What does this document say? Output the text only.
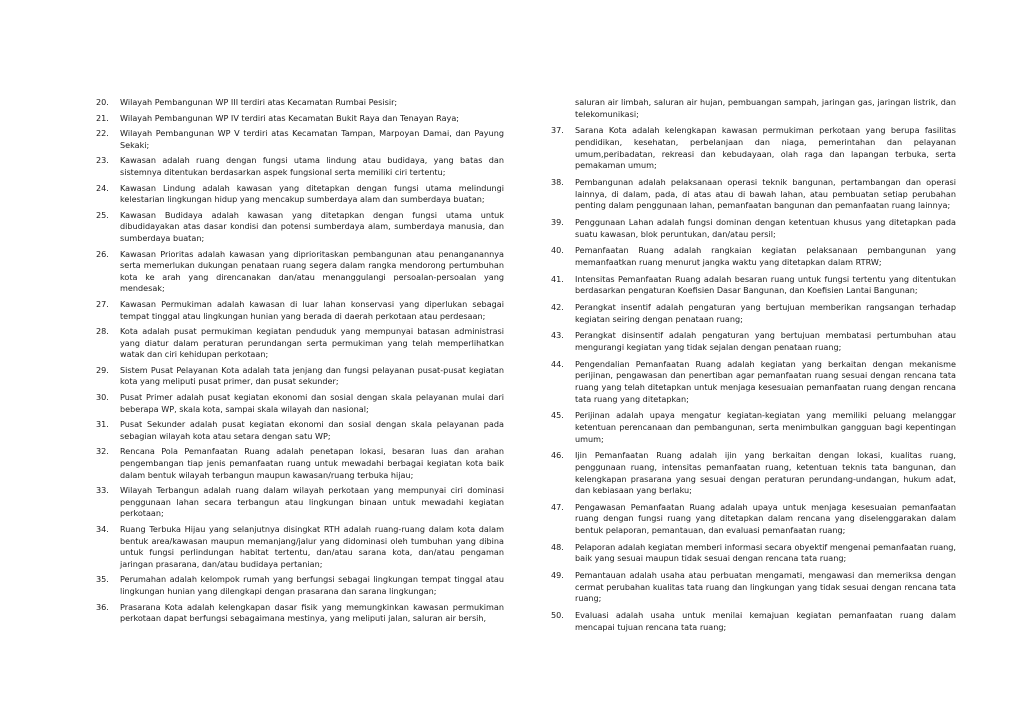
20.	Wilayah Pembangunan WP III terdiri atas Kecamatan Rumbai Pesisir;
21.	Wilayah Pembangunan WP IV terdiri atas Kecamatan Bukit Raya dan Tenayan Raya;
22.	Wilayah Pembangunan WP V terdiri atas Kecamatan Tampan, Marpoyan Damai, dan Payung Sekaki;
23.	Kawasan adalah ruang dengan fungsi utama lindung atau budidaya, yang batas dan sistemnya ditentukan berdasarkan aspek fungsional serta memiliki ciri tertentu;
24.	Kawasan Lindung adalah kawasan yang ditetapkan dengan fungsi utama melindungi kelestarian lingkungan hidup yang mencakup sumberdaya alam dan sumberdaya buatan;
25.	Kawasan Budidaya adalah kawasan yang ditetapkan dengan fungsi utama untuk dibudidayakan atas dasar kondisi dan potensi sumberdaya alam, sumberdaya manusia, dan sumberdaya buatan;
26.	Kawasan Prioritas adalah kawasan yang diprioritaskan pembangunan atau penanganannya serta memerlukan dukungan penataan ruang segera dalam rangka mendorong pertumbuhan kota ke arah yang direncanakan dan/atau menanggulangi persoalan-persoalan yang mendesak;
27.	Kawasan Permukiman adalah kawasan di luar lahan konservasi yang diperlukan sebagai tempat tinggal atau lingkungan hunian yang berada di daerah perkotaan atau perdesaan;
28.	Kota adalah pusat permukiman kegiatan penduduk yang mempunyai batasan administrasi yang diatur dalam peraturan perundangan serta permukiman yang telah memperlihatkan watak dan ciri kehidupan perkotaan;
29.	Sistem Pusat Pelayanan Kota adalah tata jenjang dan fungsi pelayanan pusat-pusat kegiatan kota yang meliputi pusat primer, dan pusat sekunder;
30.	Pusat Primer adalah pusat kegiatan ekonomi dan sosial dengan skala pelayanan mulai dari beberapa WP, skala kota, sampai skala wilayah dan nasional;
31.	Pusat Sekunder adalah pusat kegiatan ekonomi dan sosial dengan skala pelayanan pada sebagian wilayah kota atau setara dengan satu WP;
32.	Rencana Pola Pemanfaatan Ruang adalah penetapan lokasi, besaran luas dan arahan pengembangan tiap jenis pemanfaatan ruang untuk mewadahi berbagai kegiatan kota baik dalam bentuk wilayah terbangun maupun kawasan/ruang terbuka hijau;
33.	Wilayah Terbangun adalah ruang dalam wilayah perkotaan yang mempunyai ciri dominasi penggunaan lahan secara terbangun atau lingkungan binaan untuk mewadahi kegiatan perkotaan;
34.	Ruang Terbuka Hijau yang selanjutnya disingkat RTH adalah ruang-ruang dalam kota dalam bentuk area/kawasan maupun memanjang/jalur yang didominasi oleh tumbuhan yang dibina untuk fungsi perlindungan habitat tertentu, dan/atau sarana kota, dan/atau pengaman jaringan prasarana, dan/atau budidaya pertanian;
35.	Perumahan adalah kelompok rumah yang berfungsi sebagai lingkungan tempat tinggal atau lingkungan hunian yang dilengkapi dengan prasarana dan sarana lingkungan;
36.	Prasarana Kota adalah kelengkapan dasar fisik yang memungkinkan kawasan permukiman perkotaan dapat berfungsi sebagaimana mestinya, yang meliputi jalan, saluran air bersih,
saluran air limbah, saluran air hujan, pembuangan sampah, jaringan gas, jaringan listrik, dan telekomunikasi;
37.	Sarana Kota adalah kelengkapan kawasan permukiman perkotaan yang berupa fasilitas pendidikan, kesehatan, perbelanjaan dan niaga, pemerintahan dan pelayanan umum,peribadatan, rekreasi dan kebudayaan, olah raga dan lapangan terbuka, serta pemakaman umum;
38.	Pembangunan adalah pelaksanaan operasi teknik bangunan, pertambangan dan operasi lainnya, di dalam, pada, di atas atau di bawah lahan, atau pembuatan setiap perubahan penting dalam penggunaan lahan, pemanfaatan bangunan dan pemanfaatan ruang lainnya;
39.	Penggunaan Lahan adalah fungsi dominan dengan ketentuan khusus yang ditetapkan pada suatu kawasan, blok peruntukan, dan/atau persil;
40.	Pemanfaatan Ruang adalah rangkaian kegiatan pelaksanaan pembangunan yang memanfaatkan ruang menurut jangka waktu yang ditetapkan dalam RTRW;
41.	Intensitas Pemanfaatan Ruang adalah besaran ruang untuk fungsi tertentu yang ditentukan berdasarkan pengaturan Koefisien Dasar Bangunan, dan Koefisien Lantai Bangunan;
42.	Perangkat insentif adalah pengaturan yang bertujuan memberikan rangsangan terhadap kegiatan seiring dengan penataan ruang;
43.	Perangkat disinsentif adalah pengaturan yang bertujuan membatasi pertumbuhan atau mengurangi kegiatan yang tidak sejalan dengan penataan ruang;
44.	Pengendalian Pemanfaatan Ruang adalah kegiatan yang berkaitan dengan mekanisme perijinan, pengawasan dan penertiban agar pemanfaatan ruang sesuai dengan rencana tata ruang yang telah ditetapkan untuk menjaga kesesuaian pemanfaatan ruang dengan rencana tata ruang yang ditetapkan;
45.	Perijinan adalah upaya mengatur kegiatan-kegiatan yang memiliki peluang melanggar ketentuan perencanaan dan pembangunan, serta menimbulkan gangguan bagi kepentingan umum;
46.	Ijin Pemanfaatan Ruang adalah ijin yang berkaitan dengan lokasi, kualitas ruang, penggunaan ruang, intensitas pemanfaatan ruang, ketentuan teknis tata bangunan, dan kelengkapan prasarana yang sesuai dengan peraturan perundang-undangan, hukum adat, dan kebiasaan yang berlaku;
47.	Pengawasan Pemanfaatan Ruang adalah upaya untuk menjaga kesesuaian pemanfaatan ruang dengan fungsi ruang yang ditetapkan dalam rencana yang diselenggarakan dalam bentuk pelaporan, pemantauan, dan evaluasi pemanfaatan ruang;
48.	Pelaporan adalah kegiatan memberi informasi secara obyektif mengenai pemanfaatan ruang, baik yang sesuai maupun tidak sesuai dengan rencana tata ruang;
49.	Pemantauan adalah usaha atau perbuatan mengamati, mengawasi dan memeriksa dengan cermat perubahan kualitas tata ruang dan lingkungan yang tidak sesuai dengan rencana tata ruang;
50.	Evaluasi adalah usaha untuk menilai kemajuan kegiatan pemanfaatan ruang dalam mencapai tujuan rencana tata ruang;
